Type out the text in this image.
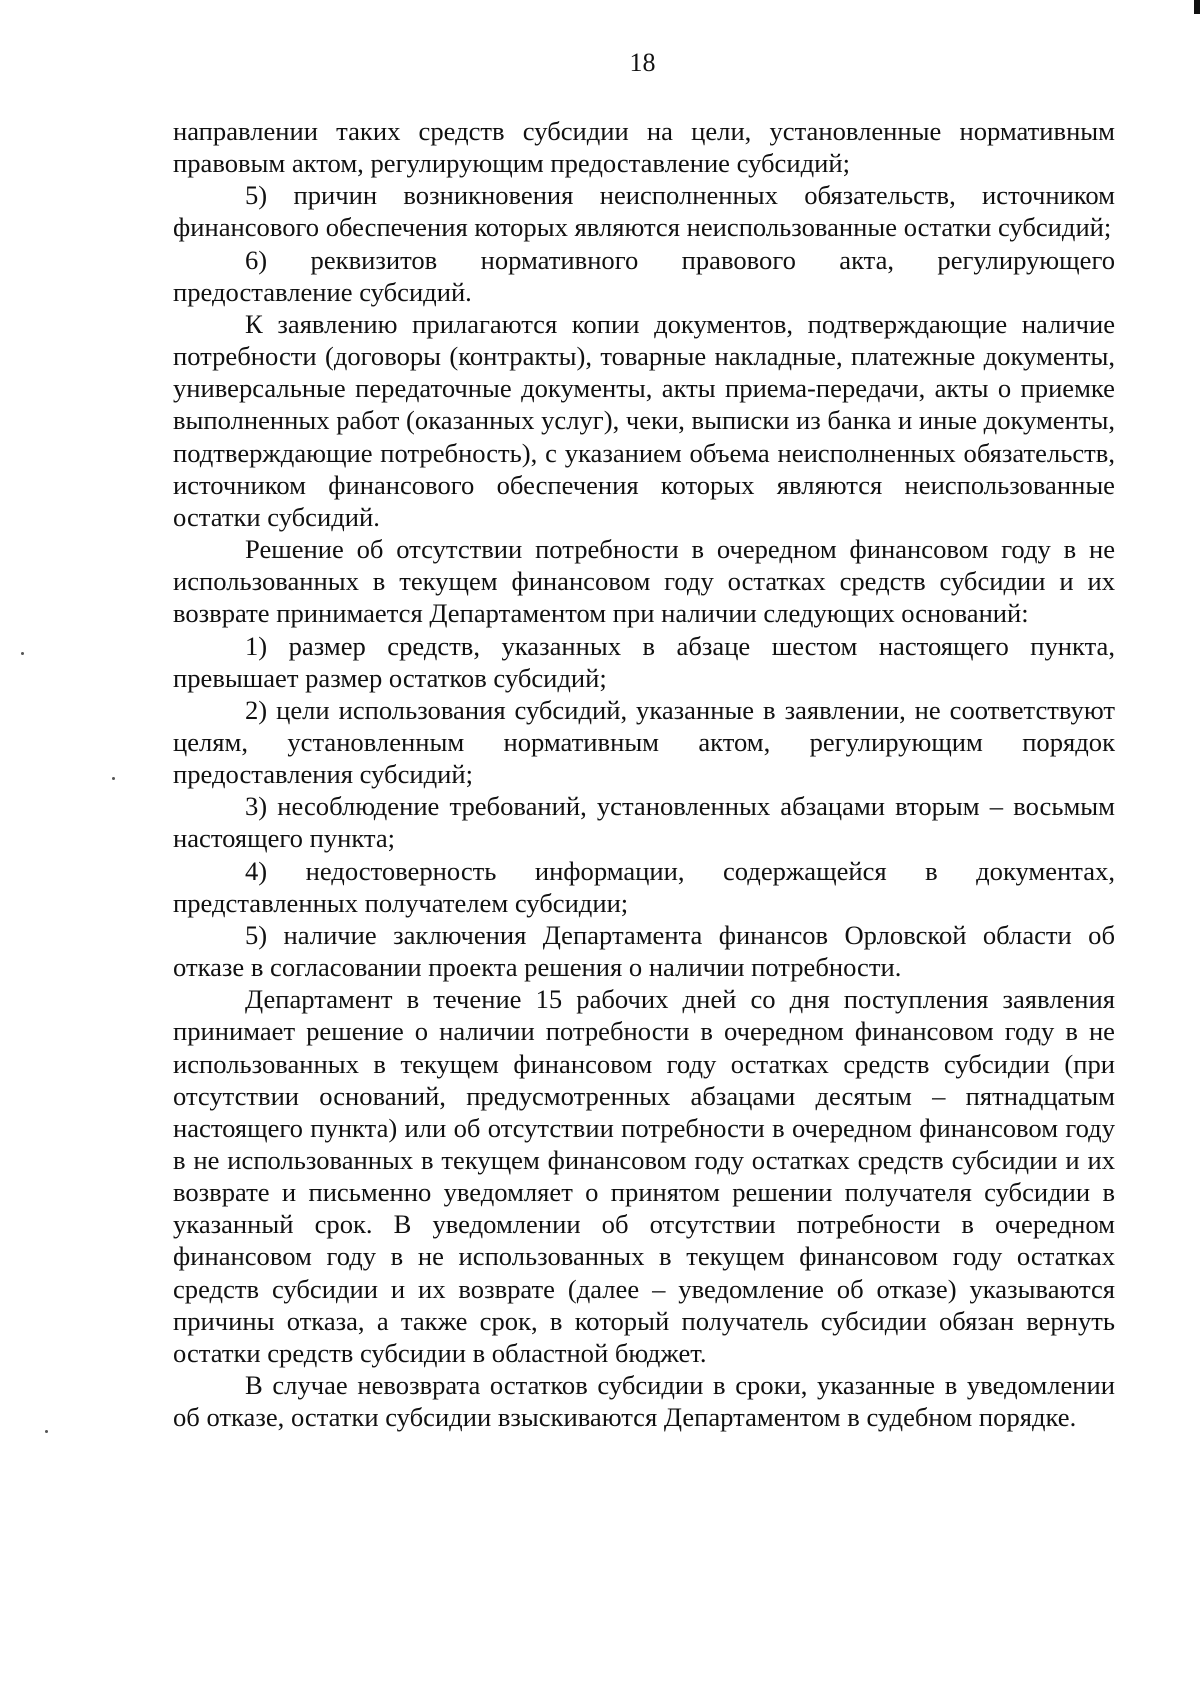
18

направлении таких средств субсидии на цели, установленные нормативным правовым актом, регулирующим предоставление субсидий;

5) причин возникновения неисполненных обязательств, источником финансового обеспечения которых являются неиспользованные остатки субсидий;

6) реквизитов нормативного правового акта, регулирующего предоставление субсидий.

К заявлению прилагаются копии документов, подтверждающие наличие потребности (договоры (контракты), товарные накладные, платежные документы, универсальные передаточные документы, акты приема-передачи, акты о приемке выполненных работ (оказанных услуг), чеки, выписки из банка и иные документы, подтверждающие потребность), с указанием объема неисполненных обязательств, источником финансового обеспечения которых являются неиспользованные остатки субсидий.

Решение об отсутствии потребности в очередном финансовом году в не использованных в текущем финансовом году остатках средств субсидии и их возврате принимается Департаментом при наличии следующих оснований:

1) размер средств, указанных в абзаце шестом настоящего пункта, превышает размер остатков субсидий;

2) цели использования субсидий, указанные в заявлении, не соответствуют целям, установленным нормативным актом, регулирующим порядок предоставления субсидий;

3) несоблюдение требований, установленных абзацами вторым – восьмым настоящего пункта;

4) недостоверность информации, содержащейся в документах, представленных получателем субсидии;

5) наличие заключения Департамента финансов Орловской области об отказе в согласовании проекта решения о наличии потребности.

Департамент в течение 15 рабочих дней со дня поступления заявления принимает решение о наличии потребности в очередном финансовом году в не использованных в текущем финансовом году остатках средств субсидии (при отсутствии оснований, предусмотренных абзацами десятым – пятнадцатым настоящего пункта) или об отсутствии потребности в очередном финансовом году в не использованных в текущем финансовом году остатках средств субсидии и их возврате и письменно уведомляет о принятом решении получателя субсидии в указанный срок. В уведомлении об отсутствии потребности в очередном финансовом году в не использованных в текущем финансовом году остатках средств субсидии и их возврате (далее – уведомление об отказе) указываются причины отказа, а также срок, в который получатель субсидии обязан вернуть остатки средств субсидии в областной бюджет.

В случае невозврата остатков субсидии в сроки, указанные в уведомлении об отказе, остатки субсидии взыскиваются Департаментом в судебном порядке.
